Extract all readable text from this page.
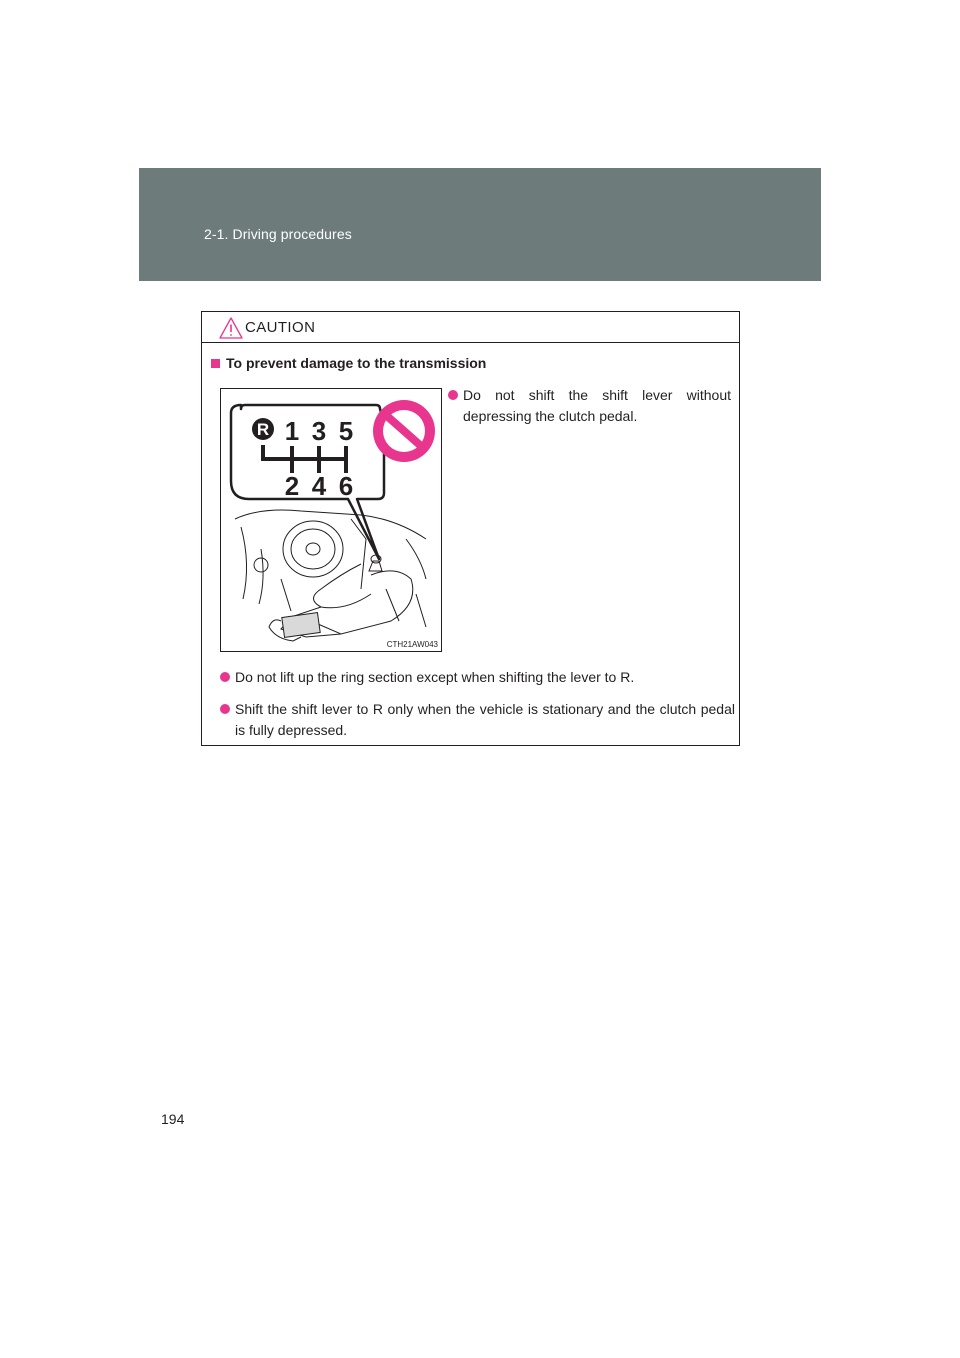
2-1. Driving procedures
CAUTION
To prevent damage to the transmission
R 1 3 5
2 4 6
CTH21AW043
Do not shift the shift lever without depressing the clutch pedal.
Do not lift up the ring section except when shifting the lever to R.
Shift the shift lever to R only when the vehicle is stationary and the clutch pedal is fully depressed.
194
